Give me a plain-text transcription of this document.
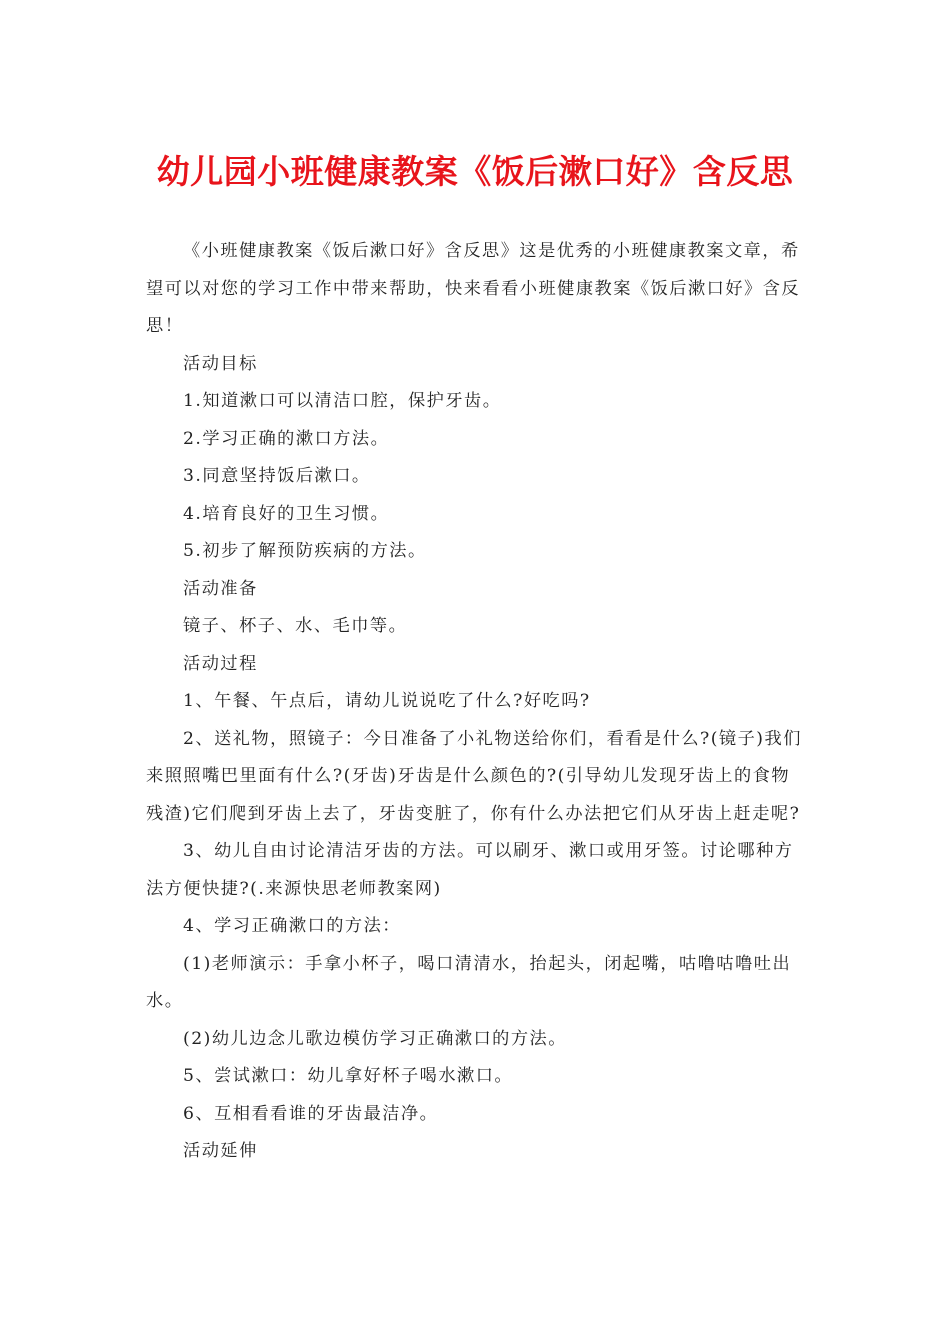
幼儿园小班健康教案《饭后漱口好》含反思

《小班健康教案《饭后漱口好》含反思》这是优秀的小班健康教案文章，希望可以对您的学习工作中带来帮助，快来看看小班健康教案《饭后漱口好》含反思！

活动目标

1.知道漱口可以清洁口腔，保护牙齿。

2.学习正确的漱口方法。

3.同意坚持饭后漱口。

4.培育良好的卫生习惯。

5.初步了解预防疾病的方法。

活动准备

镜子、杯子、水、毛巾等。

活动过程

1、午餐、午点后，请幼儿说说吃了什么?好吃吗?

2、送礼物，照镜子：今日准备了小礼物送给你们，看看是什么?(镜子)我们来照照嘴巴里面有什么?(牙齿)牙齿是什么颜色的?(引导幼儿发现牙齿上的食物残渣)它们爬到牙齿上去了，牙齿变脏了，你有什么办法把它们从牙齿上赶走呢?

3、幼儿自由讨论清洁牙齿的方法。可以刷牙、漱口或用牙签。讨论哪种方法方便快捷?(.来源快思老师教案网)

4、学习正确漱口的方法：

(1)老师演示：手拿小杯子，喝口清清水，抬起头，闭起嘴，咕噜咕噜吐出水。

(2)幼儿边念儿歌边模仿学习正确漱口的方法。

5、尝试漱口：幼儿拿好杯子喝水漱口。

6、互相看看谁的牙齿最洁净。

活动延伸
